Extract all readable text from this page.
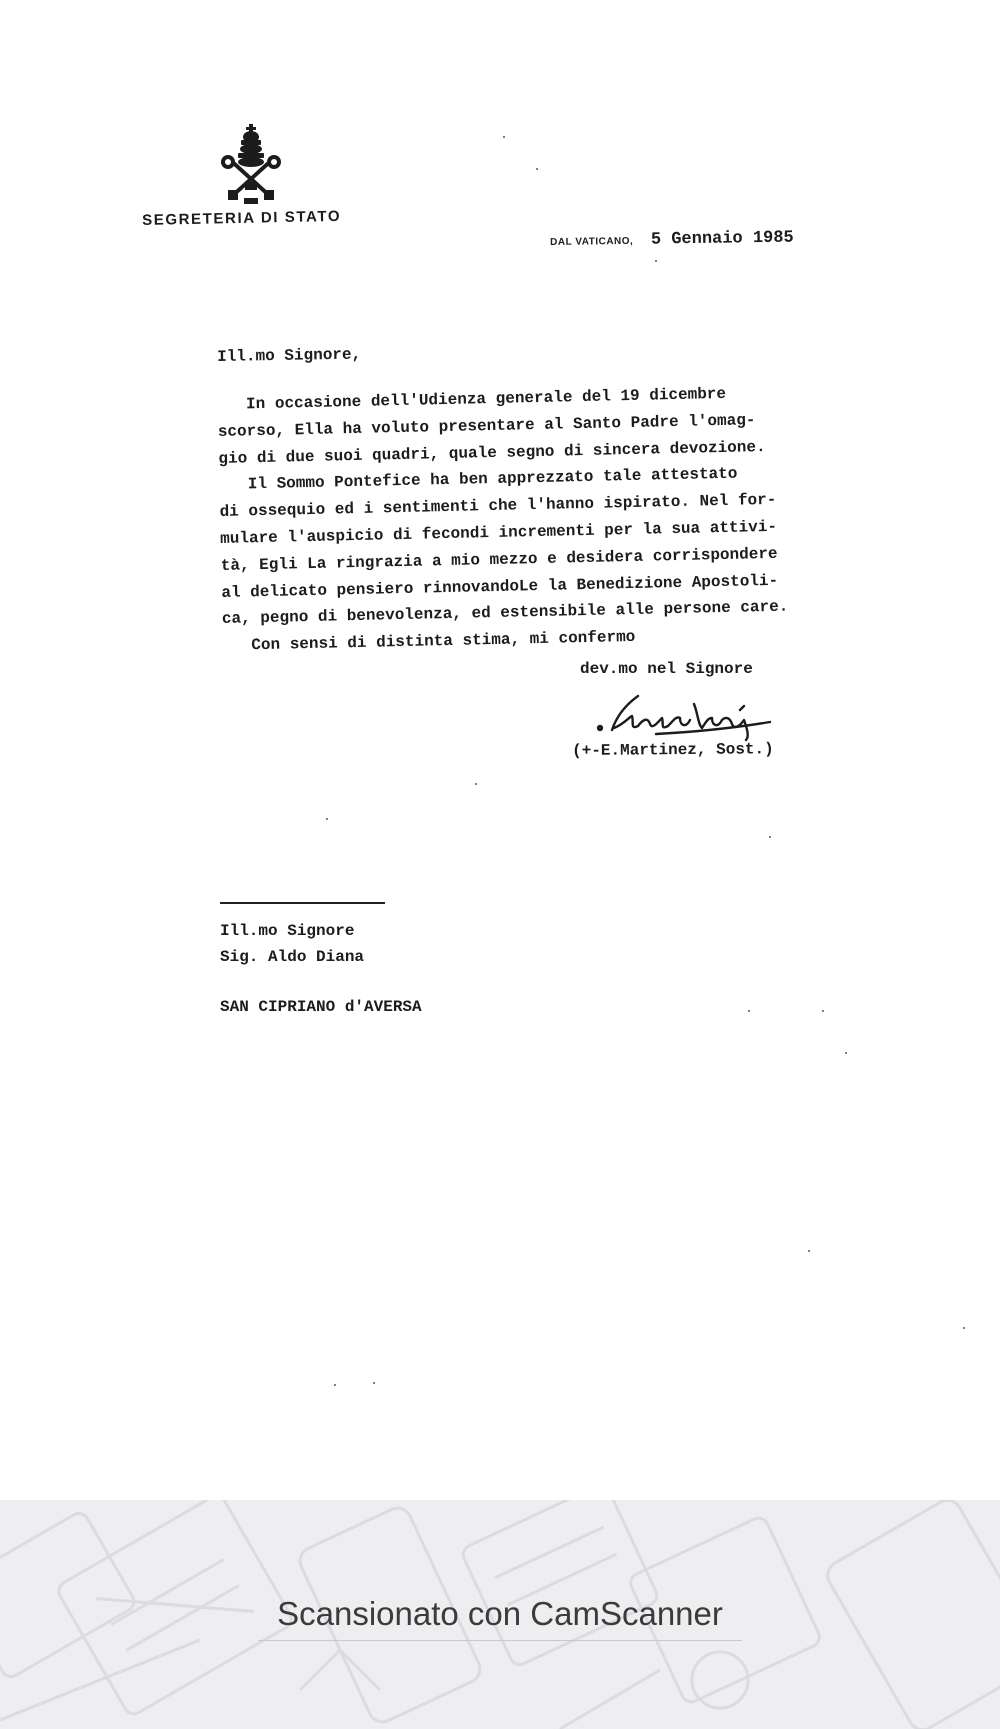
SEGRETERIA DI STATO
DAL VATICANO, 5 Gennaio 1985
Ill.mo Signore,
In occasione dell'Udienza generale del 19 dicembre
scorso, Ella ha voluto presentare al Santo Padre l'omag-
gio di due suoi quadri, quale segno di sincera devozione.
Il Sommo Pontefice ha ben apprezzato tale attestato
di ossequio ed i sentimenti che l'hanno ispirato. Nel for-
mulare l'auspicio di fecondi incrementi per la sua attivi-
tà, Egli La ringrazia a mio mezzo e desidera corrispondere
al delicato pensiero rinnovandoLe la Benedizione Apostoli-
ca, pegno di benevolenza, ed estensibile alle persone care.
Con sensi di distinta stima, mi confermo
dev.mo nel Signore
(+-E.Martinez, Sost.)
Ill.mo Signore
Sig. Aldo Diana
SAN CIPRIANO d'AVERSA
Scansionato con CamScanner
